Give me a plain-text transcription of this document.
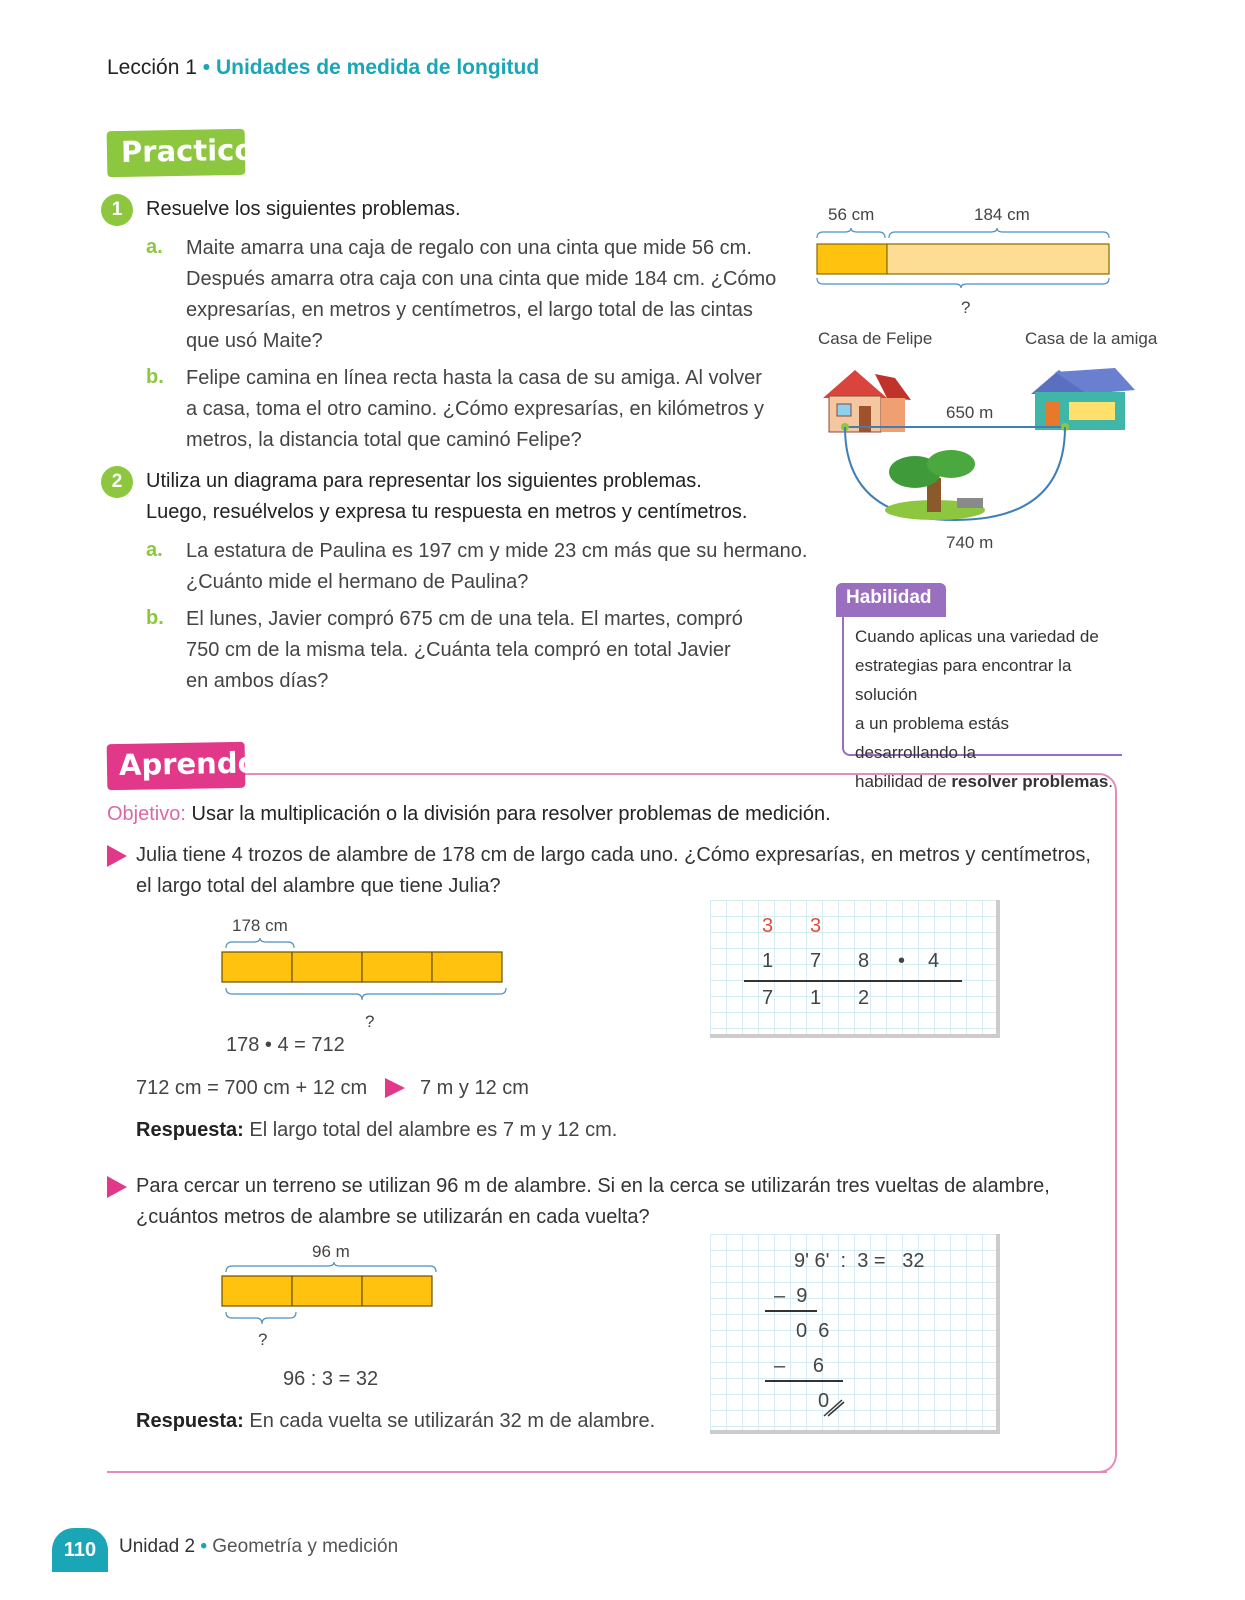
Lección 1 • Unidades de medida de longitud
Practico
1	Resuelve los siguientes problemas.
a. Maite amarra una caja de regalo con una cinta que mide 56 cm.
Después amarra otra caja con una cinta que mide 184 cm. ¿Cómo
expresarías, en metros y centímetros, el largo total de las cintas
que usó Maite?
b. Felipe camina en línea recta hasta la casa de su amiga. Al volver
a casa, toma el otro camino. ¿Cómo expresarías, en kilómetros y
metros, la distancia total que caminó Felipe?
2	Utiliza un diagrama para representar los siguientes problemas.
Luego, resuélvelos y expresa tu respuesta en metros y centímetros.
a. La estatura de Paulina es 197 cm y mide 23 cm más que su hermano.
¿Cuánto mide el hermano de Paulina?
b. El lunes, Javier compró 675 cm de una tela. El martes, compró
750 cm de la misma tela. ¿Cuánta tela compró en total Javier
en ambos días?
56 cm	184 cm
?
Casa de Felipe	Casa de la amiga
650 m
740 m
Habilidad
Cuando aplicas una variedad de
estrategias para encontrar la solución
a un problema estás desarrollando la
habilidad de resolver problemas.
Aprendo
Objetivo: Usar la multiplicación o la división para resolver problemas de medición.
Julia tiene 4 trozos de alambre de 178 cm de largo cada uno. ¿Cómo expresarías, en metros y centímetros,
el largo total del alambre que tiene Julia?
178 cm
?
178 • 4 = 712
712 cm = 700 cm + 12 cm	7 m y 12 cm
Respuesta: El largo total del alambre es 7 m y 12 cm.
3 3
1 7 8 • 4
7 1 2
Para cercar un terreno se utilizan 96 m de alambre. Si en la cerca se utilizarán tres vueltas de alambre,
¿cuántos metros de alambre se utilizarán en cada vuelta?
96 m
?
96 : 3 = 32
Respuesta: En cada vuelta se utilizarán 32 m de alambre.
9ʹ 6ʹ  :  3 =   32
–  9
0  6
–     6
0
110	Unidad 2 • Geometría y medición
